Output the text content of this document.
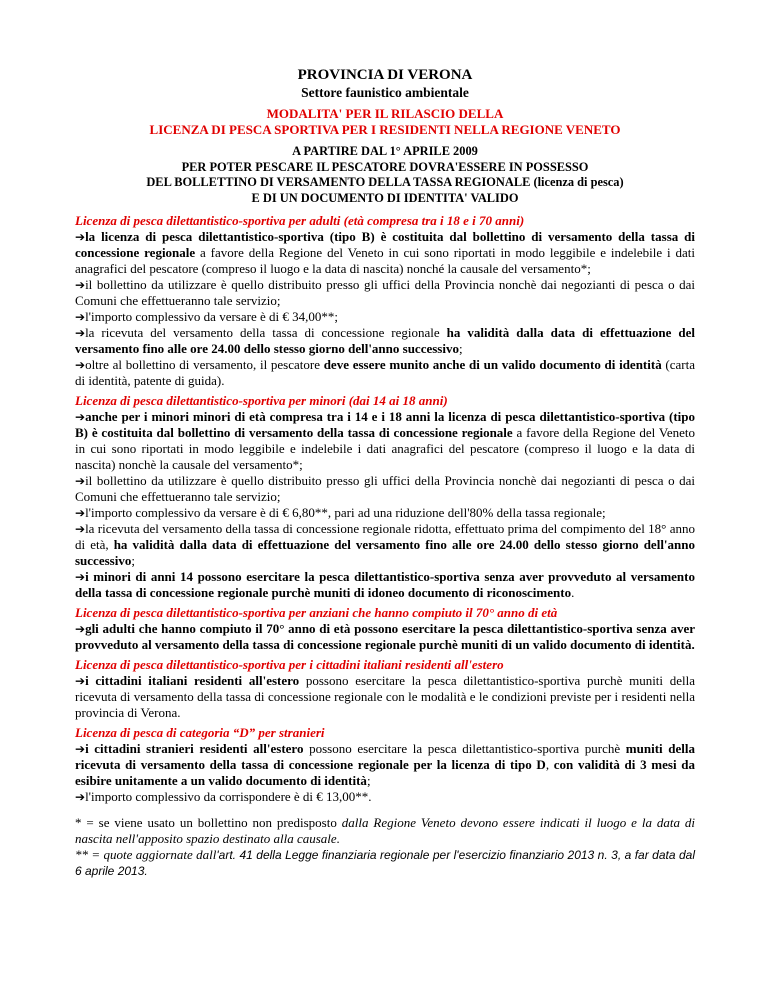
PROVINCIA DI VERONA
Settore faunistico ambientale
MODALITA' PER IL RILASCIO DELLA
LICENZA DI PESCA SPORTIVA PER I RESIDENTI NELLA REGIONE VENETO
A PARTIRE DAL 1° APRILE 2009
PER POTER PESCARE IL PESCATORE DOVRA'ESSERE IN POSSESSO
DEL BOLLETTINO DI VERSAMENTO DELLA TASSA REGIONALE (licenza di pesca)
E DI UN DOCUMENTO DI IDENTITA' VALIDO
Licenza di pesca dilettantistico-sportiva per adulti (età compresa tra i 18 e i 70 anni)

➔la licenza di pesca dilettantistico-sportiva (tipo B) è costituita dal bollettino di versamento della tassa di concessione regionale a favore della Regione del Veneto in cui sono riportati in modo leggibile e indelebile i dati anagrafici del pescatore (compreso il luogo e la data di nascita) nonché la causale del versamento*;

➔il bollettino da utilizzare è quello distribuito presso gli uffici della Provincia nonchè dai negozianti di pesca o dai Comuni che effettueranno tale servizio;

➔l'importo complessivo da versare è di € 34,00**;

➔la ricevuta del versamento della tassa di concessione regionale ha validità dalla data di effettuazione del versamento fino alle ore 24.00 dello stesso giorno dell'anno successivo;

➔oltre al bollettino di versamento, il pescatore deve essere munito anche di un valido documento di identità (carta di identità, patente di guida).

Licenza di pesca dilettantistico-sportiva per minori (dai 14 ai 18 anni)

➔anche per i minori minori di età compresa tra i 14 e i 18 anni la licenza di pesca dilettantistico-sportiva (tipo B) è costituita dal bollettino di versamento della tassa di concessione regionale a favore della Regione del Veneto in cui sono riportati in modo leggibile e indelebile i dati anagrafici del pescatore (compreso il luogo e la data di nascita) nonchè la causale del versamento*;

➔il bollettino da utilizzare è quello distribuito presso gli uffici della Provincia nonchè dai negozianti di pesca o dai Comuni che effettueranno tale servizio;

➔l'importo complessivo da versare è di € 6,80**, pari ad una riduzione dell'80% della tassa regionale;

➔la ricevuta del versamento della tassa di concessione regionale ridotta, effettuato prima del compimento del 18° anno di età, ha validità dalla data di effettuazione del versamento fino alle ore 24.00 dello stesso giorno dell'anno successivo;

➔i minori di anni 14 possono esercitare la pesca dilettantistico-sportiva senza aver provveduto al versamento della tassa di concessione regionale purchè muniti di idoneo documento di riconoscimento.

Licenza di pesca dilettantistico-sportiva per anziani che hanno compiuto il 70° anno di età

➔gli adulti che hanno compiuto il 70° anno di età possono esercitare la pesca dilettantistico-sportiva senza aver provveduto al versamento della tassa di concessione regionale purchè muniti di un valido documento di identità.

Licenza di pesca dilettantistico-sportiva per i cittadini italiani residenti all'estero

➔i cittadini italiani residenti all'estero possono esercitare la pesca dilettantistico-sportiva purchè muniti della ricevuta di versamento della tassa di concessione regionale con le modalità e le condizioni previste per i residenti nella provincia di Verona.

Licenza di pesca di categoria “D” per stranieri

➔i cittadini stranieri residenti all'estero possono esercitare la pesca dilettantistico-sportiva purchè muniti della ricevuta di versamento della tassa di concessione regionale per la licenza di tipo D, con validità di 3 mesi da esibire unitamente a un valido documento di identità;

➔l'importo complessivo da corrispondere è di € 13,00**.

* = se viene usato un bollettino non predisposto dalla Regione Veneto devono essere indicati il luogo e la data di nascita nell'apposito spazio destinato alla causale.

** = quote aggiornate dall'art. 41 della Legge finanziaria regionale per l'esercizio finanziario 2013 n. 3, a far data dal 6 aprile 2013.
